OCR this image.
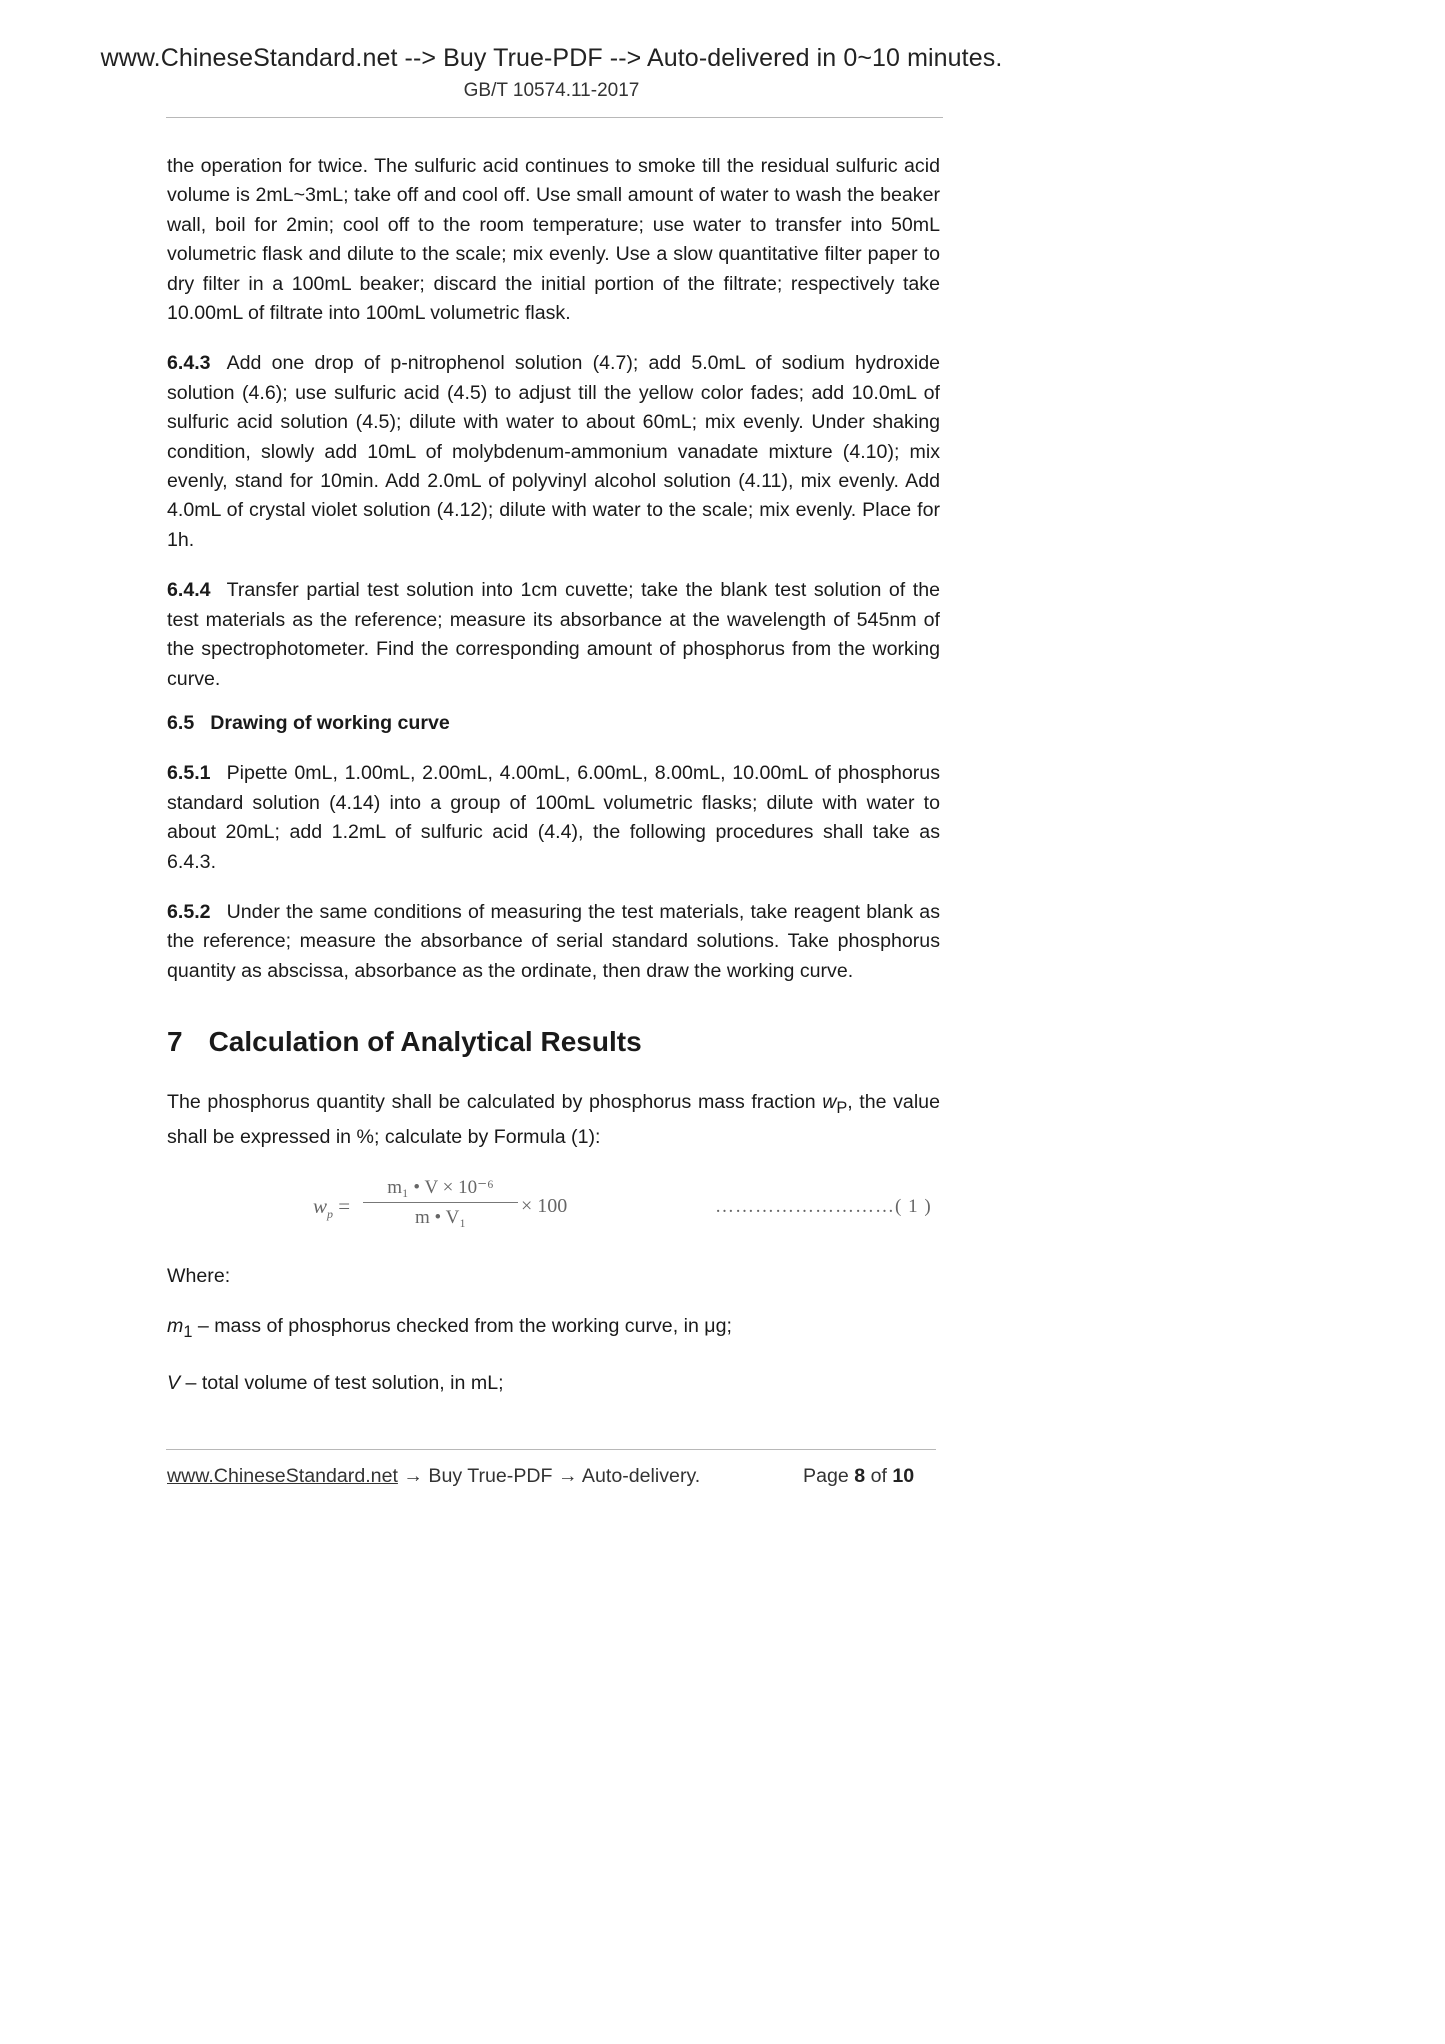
www.ChineseStandard.net --> Buy True-PDF --> Auto-delivered in 0~10 minutes.
GB/T 10574.11-2017

the operation for twice. The sulfuric acid continues to smoke till the residual sulfuric acid volume is 2mL~3mL; take off and cool off. Use small amount of water to wash the beaker wall, boil for 2min; cool off to the room temperature; use water to transfer into 50mL volumetric flask and dilute to the scale; mix evenly. Use a slow quantitative filter paper to dry filter in a 100mL beaker; discard the initial portion of the filtrate; respectively take 10.00mL of filtrate into 100mL volumetric flask.

6.4.3 Add one drop of p-nitrophenol solution (4.7); add 5.0mL of sodium hydroxide solution (4.6); use sulfuric acid (4.5) to adjust till the yellow color fades; add 10.0mL of sulfuric acid solution (4.5); dilute with water to about 60mL; mix evenly. Under shaking condition, slowly add 10mL of molybdenum-ammonium vanadate mixture (4.10); mix evenly, stand for 10min. Add 2.0mL of polyvinyl alcohol solution (4.11), mix evenly. Add 4.0mL of crystal violet solution (4.12); dilute with water to the scale; mix evenly. Place for 1h.

6.4.4 Transfer partial test solution into 1cm cuvette; take the blank test solution of the test materials as the reference; measure its absorbance at the wavelength of 545nm of the spectrophotometer. Find the corresponding amount of phosphorus from the working curve.

6.5 Drawing of working curve

6.5.1 Pipette 0mL, 1.00mL, 2.00mL, 4.00mL, 6.00mL, 8.00mL, 10.00mL of phosphorus standard solution (4.14) into a group of 100mL volumetric flasks; dilute with water to about 20mL; add 1.2mL of sulfuric acid (4.4), the following procedures shall take as 6.4.3.

6.5.2 Under the same conditions of measuring the test materials, take reagent blank as the reference; measure the absorbance of serial standard solutions. Take phosphorus quantity as abscissa, absorbance as the ordinate, then draw the working curve.

7 Calculation of Analytical Results

The phosphorus quantity shall be calculated by phosphorus mass fraction $w_P$, the value shall be expressed in %; calculate by Formula (1):

$w_p = \frac{\text{m₁ • V × 10⁻⁶}}{\text{m • V₁}} \times 100$	………………………( 1 )

Where:

$m_1$ – mass of phosphorus checked from the working curve, in μg;

V – total volume of test solution, in mL;

www.ChineseStandard.net → Buy True-PDF → Auto-delivery.	Page 8 of 10
